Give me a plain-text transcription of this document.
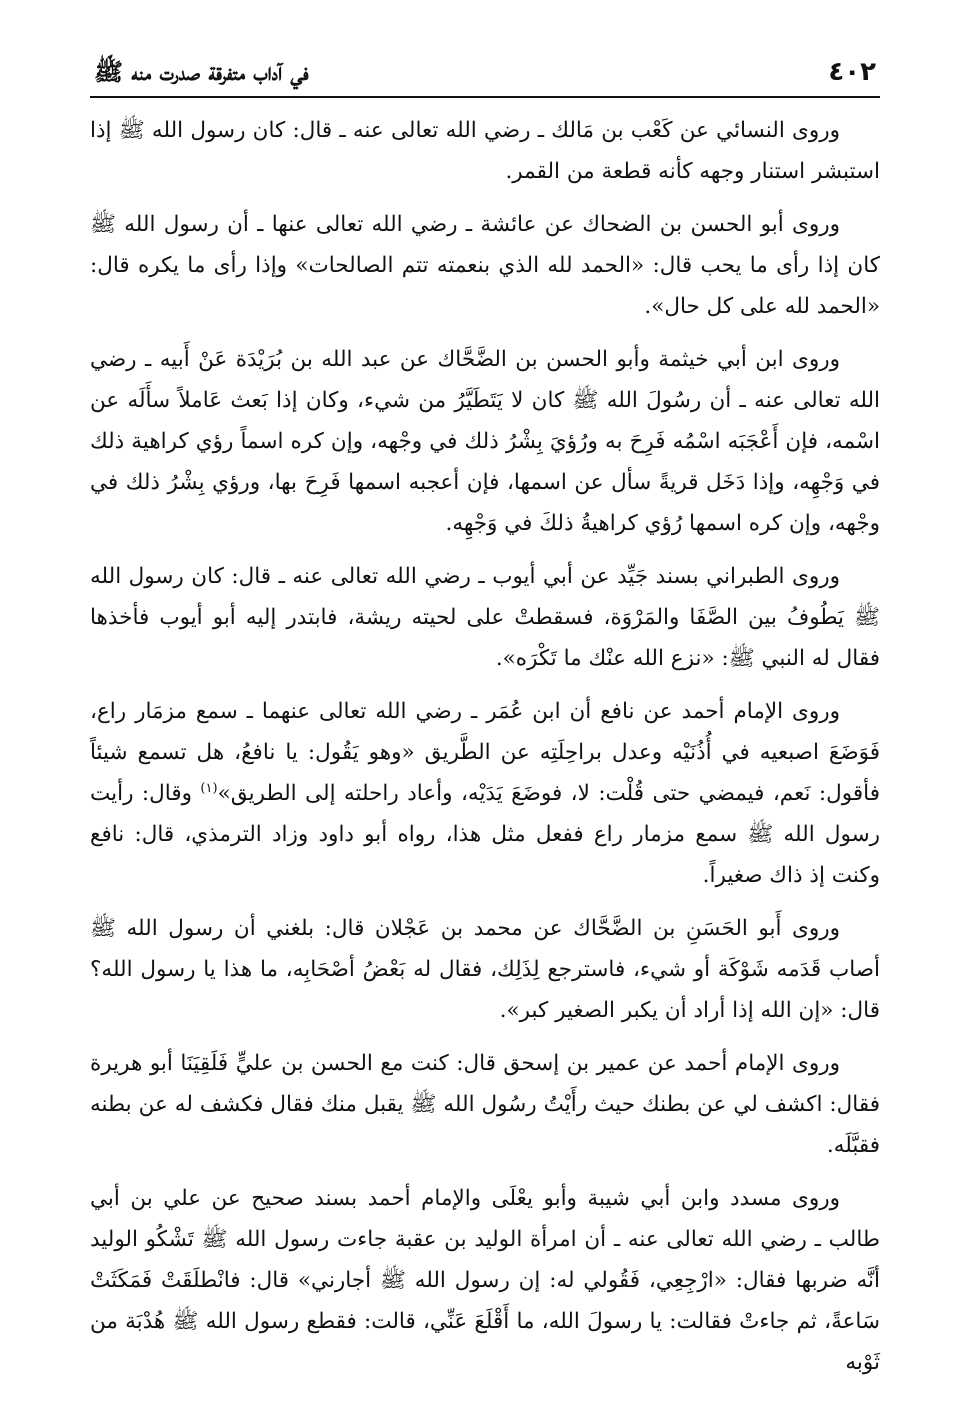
٤٠٢
في آداب متفرقة صدرت منه ﷺ

وروى النسائي عن كَعْب بن مَالك ـ رضي الله تعالى عنه ـ قال: كان رسول الله ﷺ إذا استبشر استنار وجهه كأنه قطعة من القمر.

وروى أبو الحسن بن الضحاك عن عائشة ـ رضي الله تعالى عنها ـ أن رسول الله ﷺ كان إذا رأى ما يحب قال: «الحمد لله الذي بنعمته تتم الصالحات» وإذا رأى ما يكره قال: «الحمد لله على كل حال».

وروى ابن أبي خيثمة وأبو الحسن بن الضَّحَّاك عن عبد الله بن بُرَيْدَة عَنْ أَبيه ـ رضي الله تعالى عنه ـ أن رسُولَ الله ﷺ كان لا يَتَطَيَّرُ من شيء، وكان إذا بَعث عَاملاً سأَلَه عن اسْمه، فإن أَعْجَبَه اسْمُه فَرِحَ به ورُؤيَ بِشْرُ ذلك في وجْهه، وإن كره اسماً رؤي كراهية ذلك في وَجْهِه، وإذا دَخَل قريةً سأل عن اسمها، فإن أعجبه اسمها فَرِحَ بها، ورؤي بِشْرُ ذلك في وجْهه، وإن كره اسمها رُؤي كراهيةُ ذلكَ في وَجْهِه.

وروى الطبراني بسند جَيِّد عن أبي أيوب ـ رضي الله تعالى عنه ـ قال: كان رسول الله ﷺ يَطُوفُ بين الصَّفَا والمَرْوَة، فسقطتْ على لحيته ريشة، فابتدر إليه أبو أيوب فأخذها فقال له النبي ﷺ: «نزع الله عنْك ما تَكْرَه».

وروى الإمام أحمد عن نافع أن ابن عُمَر ـ رضي الله تعالى عنهما ـ سمع مزمَار راع، فَوَضَعَ اصبعيه في أُذُنَيْه وعدل براحِلَتِه عن الطَّريق «وهو يَقُول: يا نافعُ، هل تسمع شيئاً فأقول: نَعم، فيمضي حتى قُلْت: لا، فوضَعَ يَدَيْه، وأعاد راحلته إلى الطريق»$^{(١)}$ وقال: رأيت رسول الله ﷺ سمع مزمار راع ففعل مثل هذا، رواه أبو داود وزاد الترمذي، قال: نافع وكنت إذ ذاك صغيراً.

وروى أَبو الحَسَنِ بن الضَّحَّاك عن محمد بن عَجْلان قال: بلغني أن رسول الله ﷺ أصاب قَدَمه شَوْكَة أو شيء، فاسترجع لِذَلِك، فقال له بَعْضُ أصْحَابِه، ما هذا يا رسول الله؟ قال: «إن الله إذا أراد أن يكبر الصغير كبر».

وروى الإمام أحمد عن عمير بن إسحق قال: كنت مع الحسن بن عليٍّ فَلَقِيَنَا أبو هريرة فقال: اكشف لي عن بطنك حيث رأَيْتُ رسُول الله ﷺ يقبل منك فقال فكشف له عن بطنه فقبَّلَه.

وروى مسدد وابن أبي شيبة وأبو يعْلَى والإمام أحمد بسند صحيح عن علي بن أبي طالب ـ رضي الله تعالى عنه ـ أن امرأة الوليد بن عقبة جاءت رسول الله ﷺ تَشْكُو الوليد أنَّه ضربها فقال: «ارْجِعِي، فَقُولي له: إن رسول الله ﷺ أجارني» قال: فانْطلَقَتْ فَمَكَثَتْ سَاعةً، ثم جاءتْ فقالت: يا رسولَ الله، ما أَقْلَعَ عَنِّي، قالت: فقطع رسول الله ﷺ هُدْبَة من ثَوْبه
